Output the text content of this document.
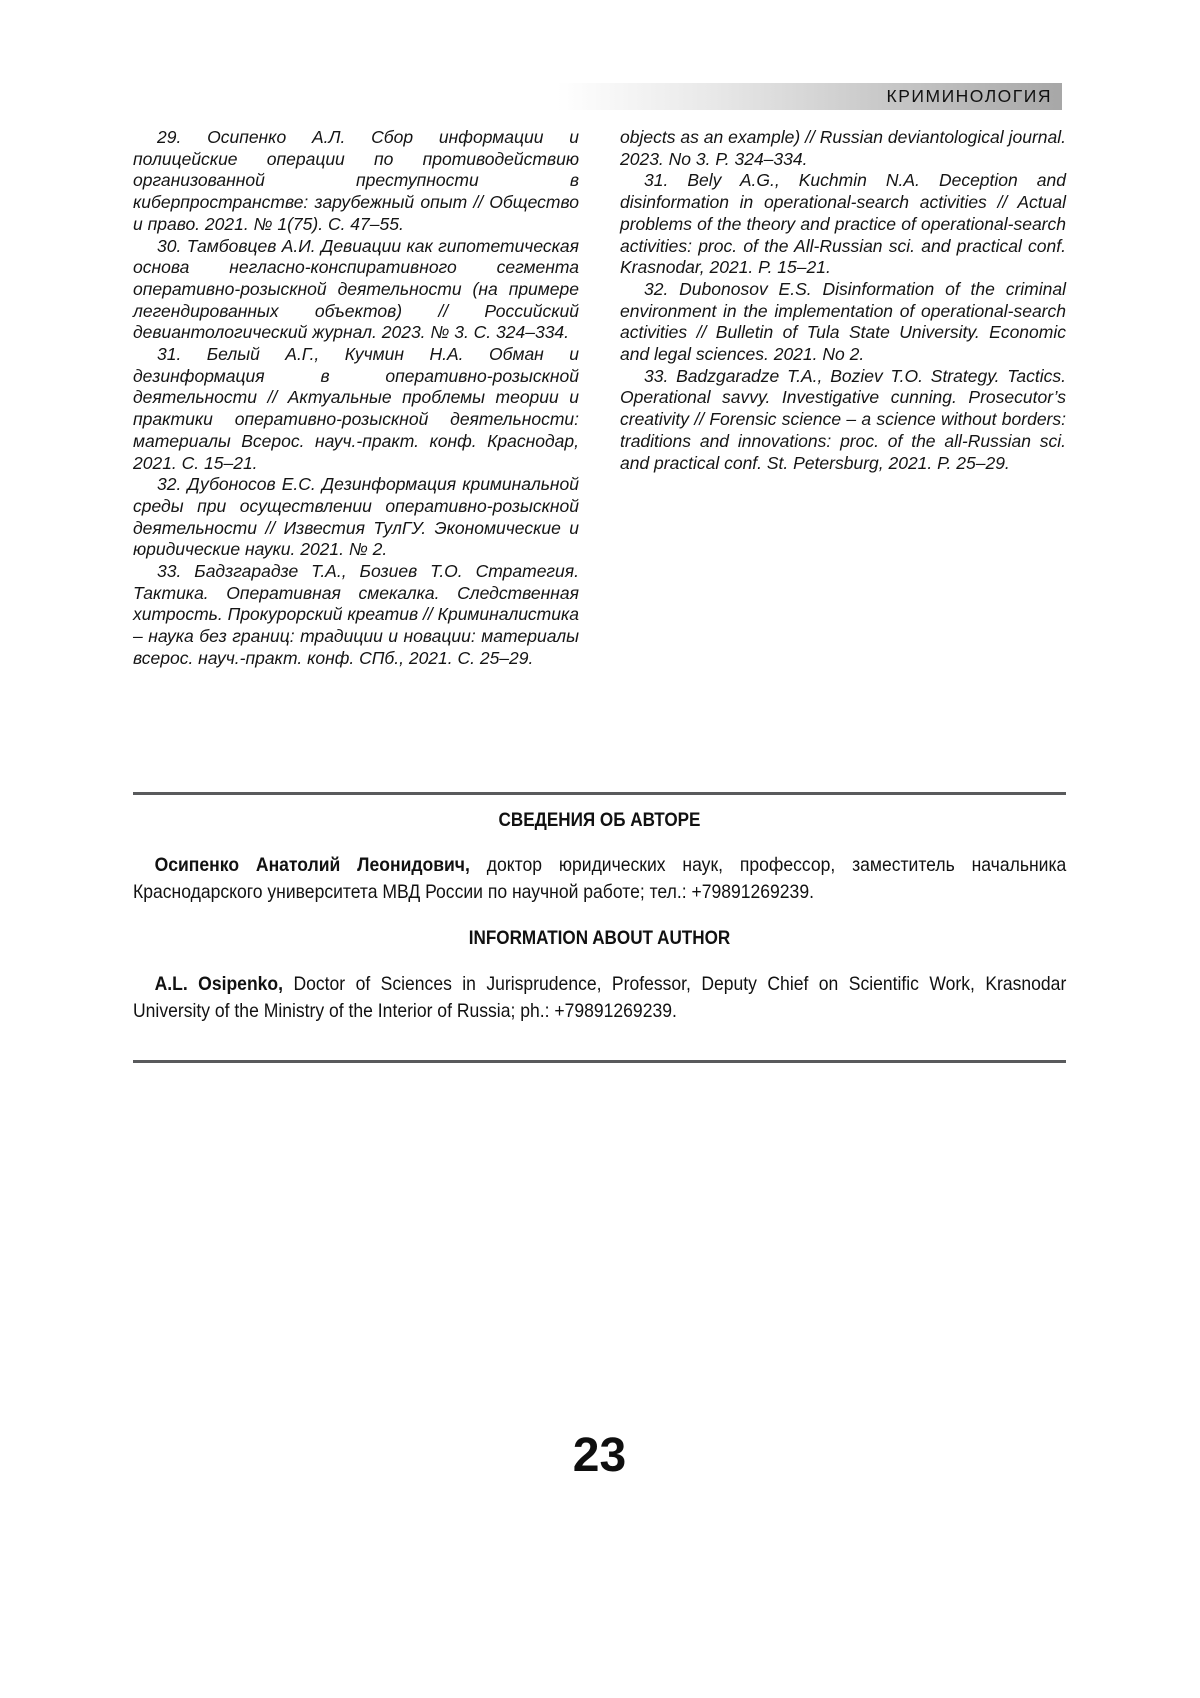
КРИМИНОЛОГИЯ

29. Осипенко А.Л. Сбор информации и полицейские операции по противодействию организованной преступности в киберпространстве: зарубежный опыт // Общество и право. 2021. № 1(75). С. 47–55.

30. Тамбовцев А.И. Девиации как гипотетическая основа негласно-конспиративного сегмента оперативно-розыскной деятельности (на примере легендированных объектов) // Российский девиантологический журнал. 2023. № 3. С. 324–334.

31. Белый А.Г., Кучмин Н.А. Обман и дезинформация в оперативно-розыскной деятельности // Актуальные проблемы теории и практики оперативно-розыскной деятельности: материалы Всерос. науч.-практ. конф. Краснодар, 2021. С. 15–21.

32. Дубоносов Е.С. Дезинформация криминальной среды при осуществлении оперативно-розыскной деятельности // Известия ТулГУ. Экономические и юридические науки. 2021. № 2.

33. Бадзгарадзе Т.А., Бозиев Т.О. Стратегия. Тактика. Оперативная смекалка. Следственная хитрость. Прокурорский креатив // Криминалистика – наука без границ: традиции и новации: материалы всерос. науч.-практ. конф. СПб., 2021. С. 25–29.

objects as an example) // Russian deviantological journal. 2023. No 3. P. 324–334.

31. Bely A.G., Kuchmin N.A. Deception and disinformation in operational-search activities // Actual problems of the theory and practice of operational-search activities: proc. of the All-Russian sci. and practical conf. Krasnodar, 2021. P. 15–21.

32. Dubonosov E.S. Disinformation of the criminal environment in the implementation of operational-search activities // Bulletin of Tula State University. Economic and legal sciences. 2021. No 2.

33. Badzgaradze T.A., Boziev T.O. Strategy. Tactics. Operational savvy. Investigative cunning. Prosecutor’s creativity // Forensic science – a science without borders: traditions and innovations: proc. of the all-Russian sci. and practical conf. St. Petersburg, 2021. P. 25–29.

СВЕДЕНИЯ ОБ АВТОРЕ

Осипенко Анатолий Леонидович, доктор юридических наук, профессор, заместитель начальника Краснодарского университета МВД России по научной работе; тел.: +79891269239.

INFORMATION ABOUT AUTHOR

A.L. Osipenko, Doctor of Sciences in Jurisprudence, Professor, Deputy Chief on Scientific Work, Krasnodar University of the Ministry of the Interior of Russia; ph.: +79891269239.

23
